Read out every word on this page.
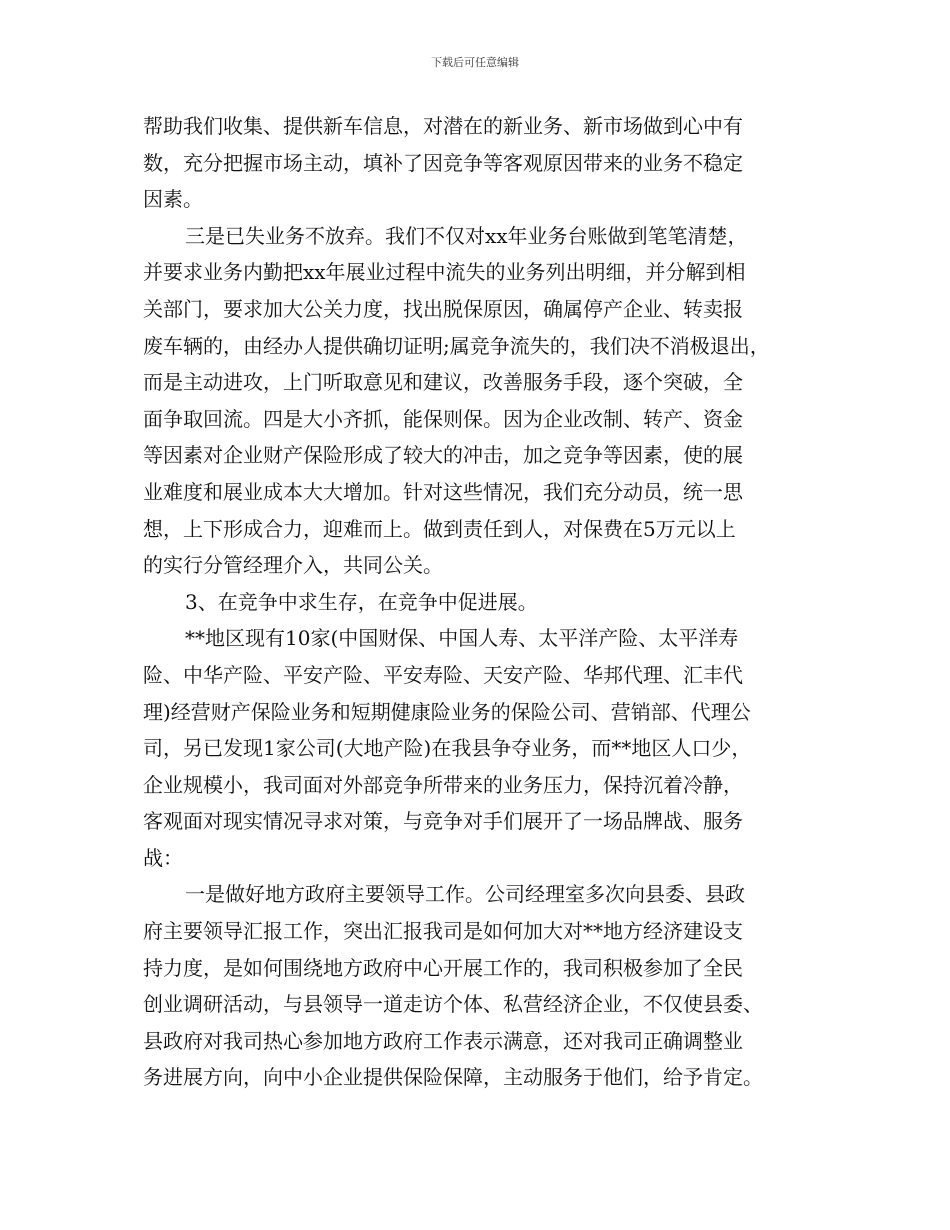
下载后可任意编辑
帮助我们收集、提供新车信息，对潜在的新业务、新市场做到心中有
数，充分把握市场主动，填补了因竞争等客观原因带来的业务不稳定
因素。
三是已失业务不放弃。我们不仅对xx年业务台账做到笔笔清楚，
并要求业务内勤把xx年展业过程中流失的业务列出明细，并分解到相
关部门，要求加大公关力度，找出脱保原因，确属停产企业、转卖报
废车辆的，由经办人提供确切证明;属竞争流失的，我们决不消极退出，
而是主动进攻，上门听取意见和建议，改善服务手段，逐个突破，全
面争取回流。四是大小齐抓，能保则保。因为企业改制、转产、资金
等因素对企业财产保险形成了较大的冲击，加之竞争等因素，使的展
业难度和展业成本大大增加。针对这些情况，我们充分动员，统一思
想，上下形成合力，迎难而上。做到责任到人，对保费在5万元以上
的实行分管经理介入，共同公关。
3、在竞争中求生存，在竞争中促进展。
**地区现有10家(中国财保、中国人寿、太平洋产险、太平洋寿
险、中华产险、平安产险、平安寿险、天安产险、华邦代理、汇丰代
理)经营财产保险业务和短期健康险业务的保险公司、营销部、代理公
司，另已发现1家公司(大地产险)在我县争夺业务，而**地区人口少，
企业规模小，我司面对外部竞争所带来的业务压力，保持沉着冷静，
客观面对现实情况寻求对策，与竞争对手们展开了一场品牌战、服务
战：
一是做好地方政府主要领导工作。公司经理室多次向县委、县政
府主要领导汇报工作，突出汇报我司是如何加大对**地方经济建设支
持力度，是如何围绕地方政府中心开展工作的，我司积极参加了全民
创业调研活动，与县领导一道走访个体、私营经济企业，不仅使县委、
县政府对我司热心参加地方政府工作表示满意，还对我司正确调整业
务进展方向，向中小企业提供保险保障，主动服务于他们，给予肯定。
